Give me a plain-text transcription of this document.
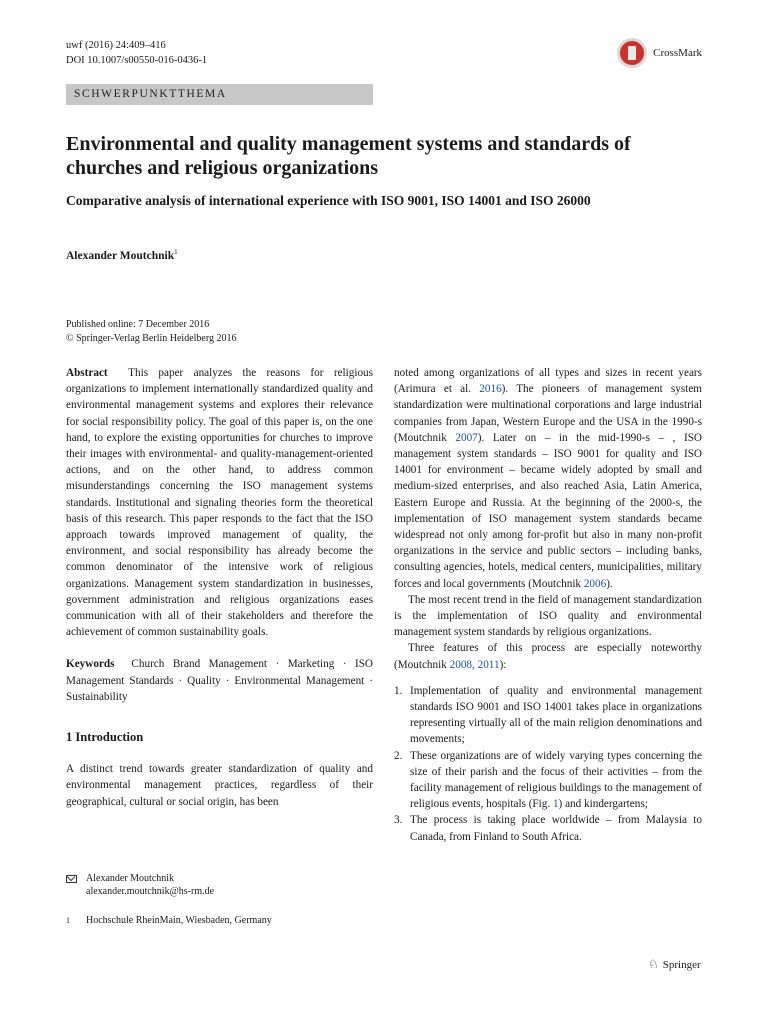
uwf (2016) 24:409–416
DOI 10.1007/s00550-016-0436-1
CrossMark
SCHWERPUNKTTHEMA
Environmental and quality management systems and standards of churches and religious organizations
Comparative analysis of international experience with ISO 9001, ISO 14001 and ISO 26000
Alexander Moutchnik$^1$
Published online: 7 December 2016
© Springer-Verlag Berlin Heidelberg 2016

Abstract This paper analyzes the reasons for religious organizations to implement internationally standardized quality and environmental management systems and explores their relevance for social responsibility policy. The goal of this paper is, on the one hand, to explore the existing opportunities for churches to improve their images with environmental- and quality-management-oriented actions, and on the other hand, to address common misunderstandings concerning the ISO management systems standards. Institutional and signaling theories form the theoretical basis of this research. This paper responds to the fact that the ISO approach towards improved management of quality, the environment, and social responsibility has already become the common denominator of the intensive work of religious organizations. Management system standardization in businesses, government administration and religious organizations eases communication with all of their stakeholders and therefore the achievement of common sustainability goals.

Keywords Church Brand Management · Marketing · ISO Management Standards · Quality · Environmental Management · Sustainability

1 Introduction

A distinct trend towards greater standardization of quality and environmental management practices, regardless of their geographical, cultural or social origin, has been

noted among organizations of all types and sizes in recent years (Arimura et al. 2016). The pioneers of management system standardization were multinational corporations and large industrial companies from Japan, Western Europe and the USA in the 1990-s (Moutchnik 2007). Later on – in the mid-1990-s – , ISO management system standards – ISO 9001 for quality and ISO 14001 for environment – became widely adopted by small and medium-sized enterprises, and also reached Asia, Latin America, Eastern Europe and Russia. At the beginning of the 2000-s, the implementation of ISO management system standards became widespread not only among for-profit but also in many non-profit organizations in the service and public sectors – including banks, consulting agencies, hotels, medical centers, municipalities, military forces and local governments (Moutchnik 2006).

The most recent trend in the field of management standardization is the implementation of ISO quality and environmental management system standards by religious organizations.

Three features of this process are especially noteworthy (Moutchnik 2008, 2011):

1. Implementation of quality and environmental management standards ISO 9001 and ISO 14001 takes place in organizations representing virtually all of the main religion denominations and movements;
2. These organizations are of widely varying types concerning the size of their parish and the focus of their activities – from the facility management of religious buildings to the management of religious events, hospitals (Fig. 1) and kindergartens;
3. The process is taking place worldwide – from Malaysia to Canada, from Finland to South Africa.
Alexander Moutchnik
alexander.moutchnik@hs-rm.de
1	Hochschule RheinMain, Wiesbaden, Germany
♘ Springer
